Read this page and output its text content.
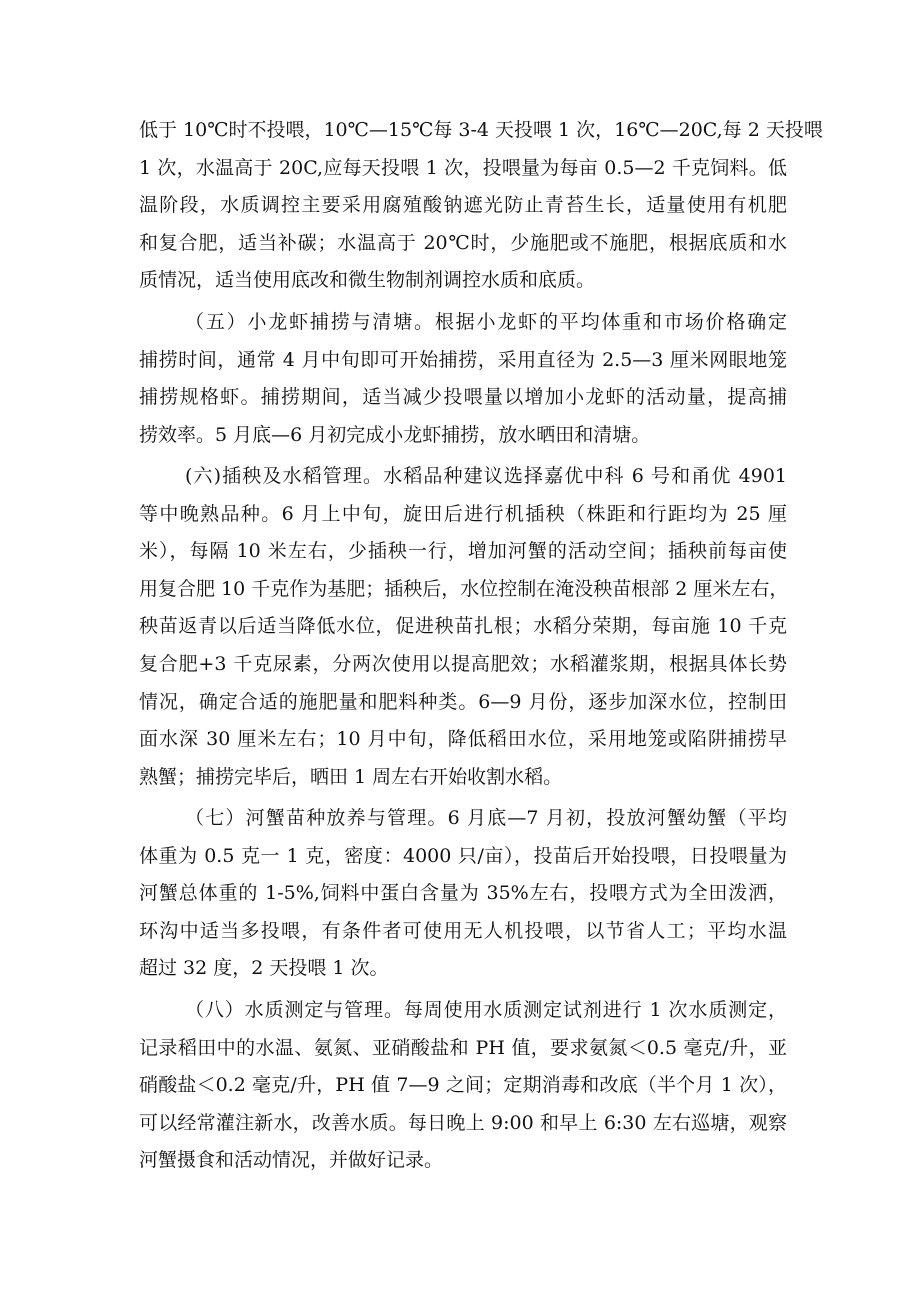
低于 10℃时不投喂，10℃—15℃每 3-4 天投喂 1 次，16℃—20C,每 2 天投喂
1 次，水温高于 20C,应每天投喂 1 次，投喂量为每亩 0.5—2 千克饲料。低
温阶段，水质调控主要采用腐殖酸钠遮光防止青苔生长，适量使用有机肥
和复合肥，适当补碳；水温高于 20℃时，少施肥或不施肥，根据底质和水
质情况，适当使用底改和微生物制剂调控水质和底质。
（五）小龙虾捕捞与清塘。根据小龙虾的平均体重和市场价格确定
捕捞时间，通常 4 月中旬即可开始捕捞，采用直径为 2.5—3 厘米网眼地笼
捕捞规格虾。捕捞期间，适当减少投喂量以增加小龙虾的活动量，提高捕
捞效率。5 月底—6 月初完成小龙虾捕捞，放水晒田和清塘。
(六)插秧及水稻管理。水稻品种建议选择嘉优中科 6 号和甬优 4901
等中晚熟品种。6 月上中旬，旋田后进行机插秧（株距和行距均为 25 厘
米），每隔 10 米左右，少插秧一行，增加河蟹的活动空间；插秧前每亩使
用复合肥 10 千克作为基肥；插秧后，水位控制在淹没秧苗根部 2 厘米左右，
秧苗返青以后适当降低水位，促进秧苗扎根；水稻分荣期，每亩施 10 千克
复合肥+3 千克尿素，分两次使用以提高肥效；水稻灌浆期，根据具体长势
情况，确定合适的施肥量和肥料种类。6—9 月份，逐步加深水位，控制田
面水深 30 厘米左右；10 月中旬，降低稻田水位，采用地笼或陷阱捕捞早
熟蟹；捕捞完毕后，晒田 1 周左右开始收割水稻。
（七）河蟹苗种放养与管理。6 月底—7 月初，投放河蟹幼蟹（平均
体重为 0.5 克一 1 克，密度：4000 只/亩），投苗后开始投喂，日投喂量为
河蟹总体重的 1-5%,饲料中蛋白含量为 35%左右，投喂方式为全田泼洒，
环沟中适当多投喂，有条件者可使用无人机投喂，以节省人工；平均水温
超过 32 度，2 天投喂 1 次。
（八）水质测定与管理。每周使用水质测定试剂进行 1 次水质测定，
记录稻田中的水温、氨氮、亚硝酸盐和 PH 值，要求氨氮＜0.5 毫克/升，亚
硝酸盐＜0.2 毫克/升，PH 值 7—9 之间；定期消毒和改底（半个月 1 次），
可以经常灌注新水，改善水质。每日晚上 9:00 和早上 6:30 左右巡塘，观察
河蟹摄食和活动情况，并做好记录。
